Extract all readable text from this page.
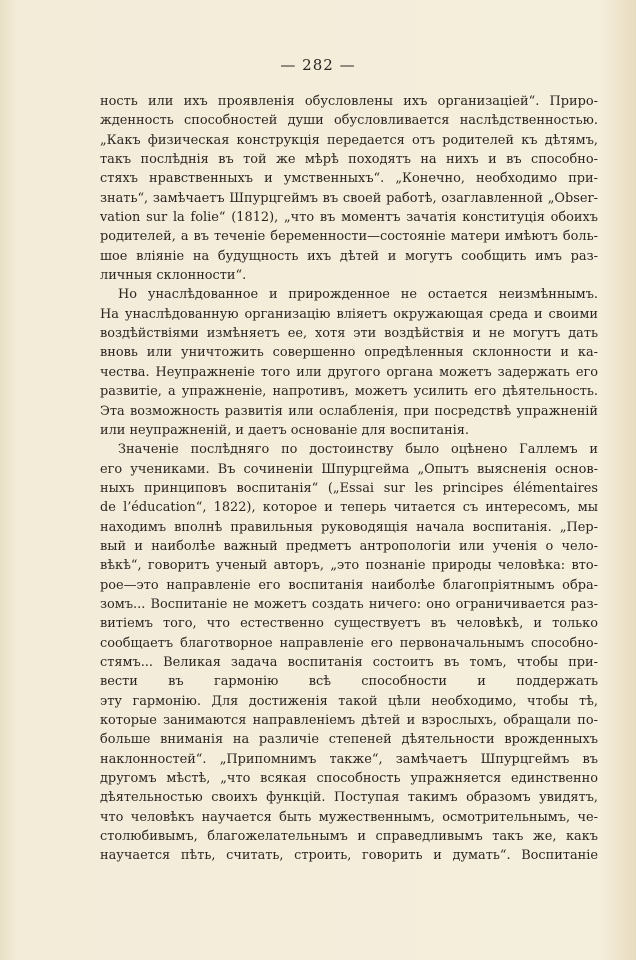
— 282 —
ность или ихъ проявленія обусловлены ихъ организаціей“. Приро-
жденность способностей души обусловливается наслѣдственностью.
„Какъ физическая конструкція передается отъ родителей къ дѣтямъ,
такъ послѣднія въ той же мѣрѣ походятъ на нихъ и въ способно-
стяхъ нравственныхъ и умственныхъ“. „Конечно, необходимо при-
знать“, замѣчаетъ Шпурцгеймъ въ своей работѣ, озаглавленной „Obser-
vation sur la folie“ (1812), „что въ моментъ зачатія конституція обоихъ
родителей, а въ теченіе беременности—состояніе матери имѣютъ боль-
шое вліяніе на будущность ихъ дѣтей и могутъ сообщить имъ раз-
личныя склонности“.
Но унаслѣдованное и прирожденное не остается неизмѣннымъ.
На унаслѣдованную организацію вліяетъ окружающая среда и своими
воздѣйствіями измѣняетъ ее, хотя эти воздѣйствія и не могутъ дать
вновь или уничтожить совершенно опредѣленныя склонности и ка-
чества. Неупражненіе того или другого органа можетъ задержать его
развитіе, а упражненіе, напротивъ, можетъ усилить его дѣятельность.
Эта возможность развитія или ослабленія, при посредствѣ упражненій
или неупражненій, и даетъ основаніе для воспитанія.
Значеніе послѣдняго по достоинству было оцѣнено Галлемъ и
его учениками. Въ сочиненіи Шпурцгейма „Опытъ выясненія основ-
ныхъ принциповъ воспитанія“ („Essai sur les principes élémentaires
de l’éducation“, 1822), которое и теперь читается съ интересомъ, мы
находимъ вполнѣ правильныя руководящія начала воспитанія. „Пер-
вый и наиболѣе важный предметъ антропологіи или ученія о чело-
вѣкѣ“, говоритъ ученый авторъ, „это познаніе природы человѣка: вто-
рое—это направленіе его воспитанія наиболѣе благопріятнымъ обра-
зомъ... Воспитаніе не можетъ создать ничего: оно ограничивается раз-
витіемъ того, что естественно существуетъ въ человѣкѣ, и только
сообщаетъ благотворное направленіе его первоначальнымъ способно-
стямъ... Великая задача воспитанія состоитъ въ томъ, чтобы при-
вести въ гармонію всѣ способности и поддержать
эту гармонію. Для достиженія такой цѣли необходимо, чтобы тѣ,
которые занимаются направленіемъ дѣтей и взрослыхъ, обращали по-
больше вниманія на различіе степеней дѣятельности врожденныхъ
наклонностей“. „Припомнимъ также“, замѣчаетъ Шпурцгеймъ въ
другомъ мѣстѣ, „что всякая способность упражняется единственно
дѣятельностью своихъ функцій. Поступая такимъ образомъ увидятъ,
что человѣкъ научается быть мужественнымъ, осмотрительнымъ, че-
столюбивымъ, благожелательнымъ и справедливымъ такъ же, какъ
научается пѣть, считать, строить, говорить и думать“. Воспитаніе
